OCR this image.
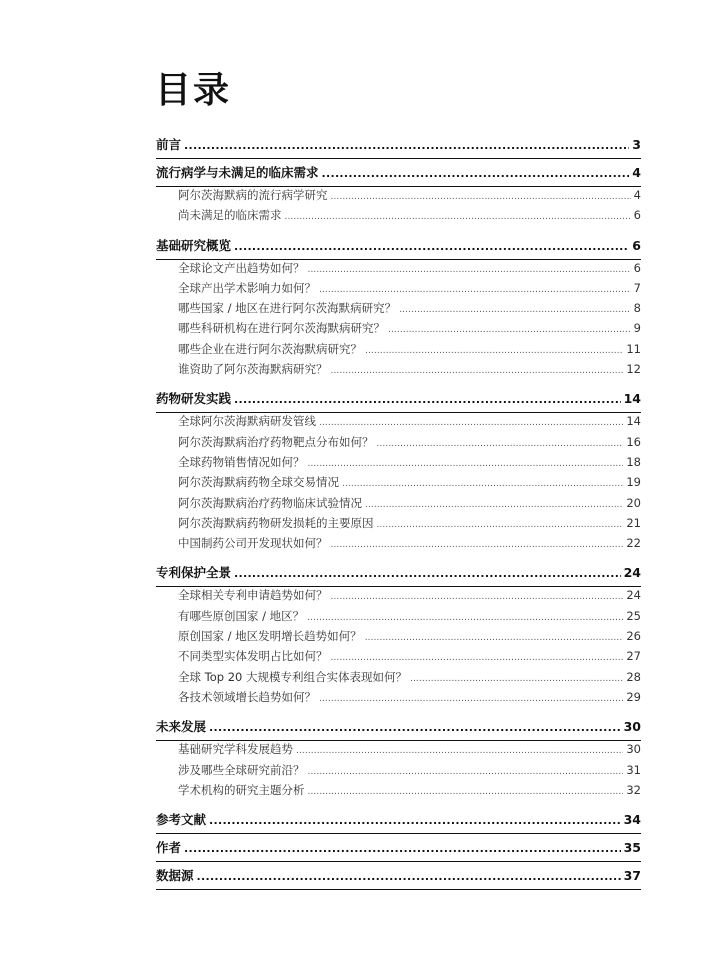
目录
前言 .....	3
流行病学与未满足的临床需求 .....	4
阿尔茨海默病的流行病学研究 .....	4
尚未满足的临床需求 .....	6
基础研究概览 .....	6
全球论文产出趋势如何？ .....	6
全球产出学术影响力如何？ .....	7
哪些国家 / 地区在进行阿尔茨海默病研究？ .....	8
哪些科研机构在进行阿尔茨海默病研究？ .....	9
哪些企业在进行阿尔茨海默病研究？ .....	11
谁资助了阿尔茨海默病研究？ .....	12
药物研发实践 .....	14
全球阿尔茨海默病研发管线 .....	14
阿尔茨海默病治疗药物靶点分布如何？ .....	16
全球药物销售情况如何？ .....	18
阿尔茨海默病药物全球交易情况 .....	19
阿尔茨海默病治疗药物临床试验情况 .....	20
阿尔茨海默病药物研发损耗的主要原因 .....	21
中国制药公司开发现状如何？ .....	22
专利保护全景 .....	24
全球相关专利申请趋势如何？ .....	24
有哪些原创国家 / 地区？ .....	25
原创国家 / 地区发明增长趋势如何？ .....	26
不同类型实体发明占比如何？ .....	27
全球 Top 20 大规模专利组合实体表现如何？ .....	28
各技术领域增长趋势如何？ .....	29
未来发展 .....	30
基础研究学科发展趋势 .....	30
涉及哪些全球研究前沿？ .....	31
学术机构的研究主题分析 .....	32
参考文献 .....	34
作者 .....	35
数据源 .....	37
